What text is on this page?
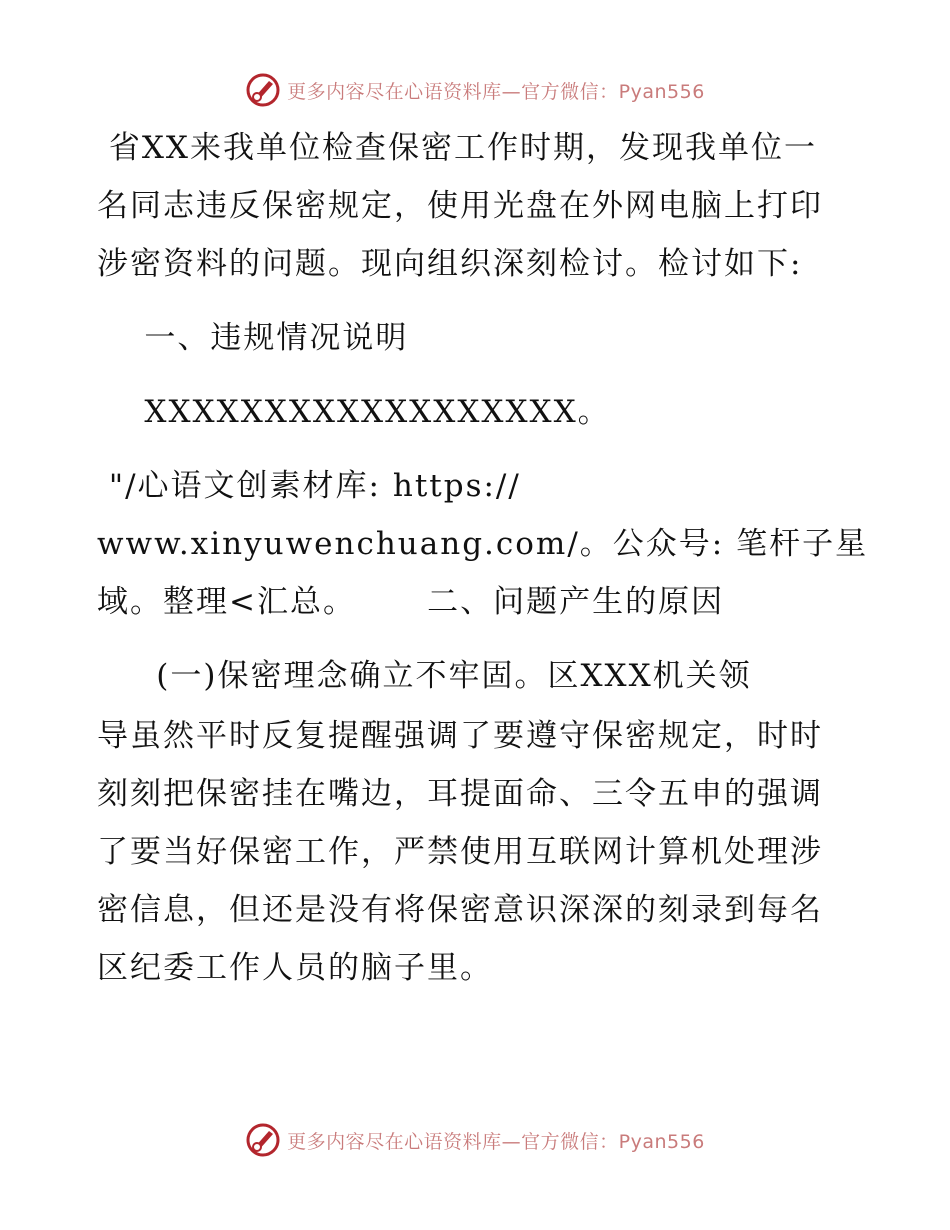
更多内容尽在心语资料库—官方微信：Pyan556
省XX来我单位检查保密工作时期，发现我单位一
名同志违反保密规定，使用光盘在外网电脑上打印
涉密资料的问题。现向组织深刻检讨。检讨如下:
一、违规情况说明
XXXXXXXXXXXXXXXXXX。
"/心语文创素材库: https://
www.xinyuwenchuang.com/。公众号: 笔杆子星
域。整理<汇总。      二、问题产生的原因
(一)保密理念确立不牢固。区XXX机关领
导虽然平时反复提醒强调了要遵守保密规定，时时
刻刻把保密挂在嘴边，耳提面命、三令五申的强调
了要当好保密工作，严禁使用互联网计算机处理涉
密信息，但还是没有将保密意识深深的刻录到每名
区纪委工作人员的脑子里。
更多内容尽在心语资料库—官方微信：Pyan556
